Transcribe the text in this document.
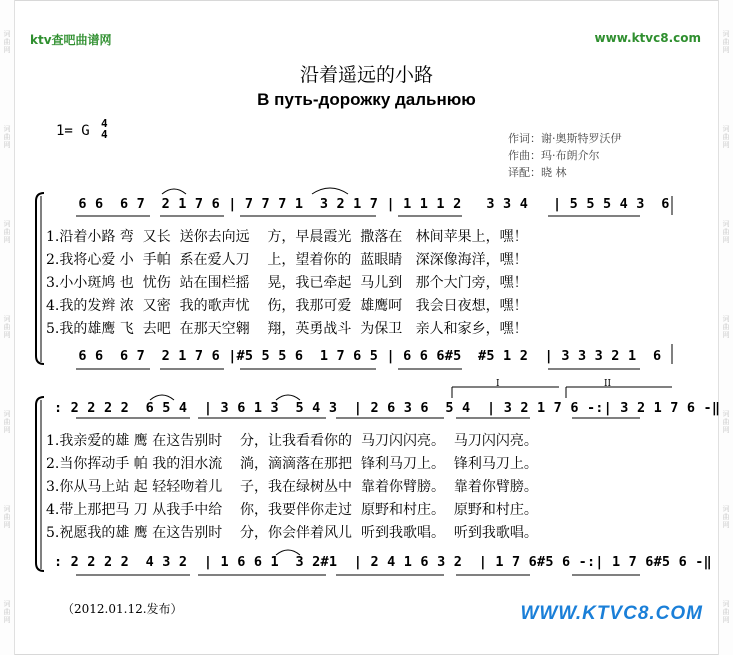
词曲网
词曲网
词曲网
词曲网
词曲网
词曲网
词曲网
词曲网
词曲网
词曲网
词曲网
词曲网
词曲网
词曲网
ktv查吧曲谱网	www.ktvc8.com
沿着遥远的小路
В путь-дорожку дальнюю
1= G 4
4	作词：谢·奥斯特罗沃伊
作曲：玛·布朗介尔
译配：晓 林
6 6  6 7  2 1 7 6 | 7 7 7 1  3 2 1 7 | 1 1 1 2   3 3 4   | 5 5 5 4 3  6
1.沿着小路 弯  又长  送你去向远    方，早晨霞光  撒落在   林间苹果上，嘿！
2.我将心爱 小  手帕  系在爱人刀    上，望着你的  蓝眼睛   深深像海洋，嘿！
3.小小斑鸠 也  忧伤  站在围栏摇    晃，我已牵起  马儿到   那个大门旁，嘿！
4.我的发辫 浓  又密  我的歌声忧    伤，我那可爱  雄鹰呵   我会日夜想，嘿！
5.我的雄鹰 飞  去吧  在那天空翱    翔，英勇战斗  为保卫   亲人和家乡，嘿！
6 6  6 7  2 1 7 6 |#5 5 5 6  1 7 6 5 | 6 6 6#5  #5 1 2  | 3 3 3 2 1  6
I	II
: 2 2 2 2  6 5 4  | 3 6 1 3  5 4 3  | 2 6 3 6  5 4  | 3 2 1 7 6 -:| 3 2 1 7 6 -‖
1.我亲爱的雄 鹰 在这告别时    分，让我看看你的  马刀闪闪亮。  马刀闪闪亮。
2.当你挥动手 帕 我的泪水流    淌，滴滴落在那把  锋利马刀上。  锋利马刀上。
3.你从马上站 起 轻轻吻着儿    子，我在绿树丛中  靠着你臂膀。  靠着你臂膀。
4.带上那把马 刀 从我手中给    你，我要伴你走过  原野和村庄。  原野和村庄。
5.祝愿我的雄 鹰 在这告别时    分，你会伴着风儿  听到我歌唱。  听到我歌唱。
: 2 2 2 2  4 3 2  | 1 6 6 1  3 2#1  | 2 4 1 6 3 2  | 1 7 6#5 6 -:| 1 7 6#5 6 -‖
（2012.01.12.发布）	WWW.KTVC8.COM
